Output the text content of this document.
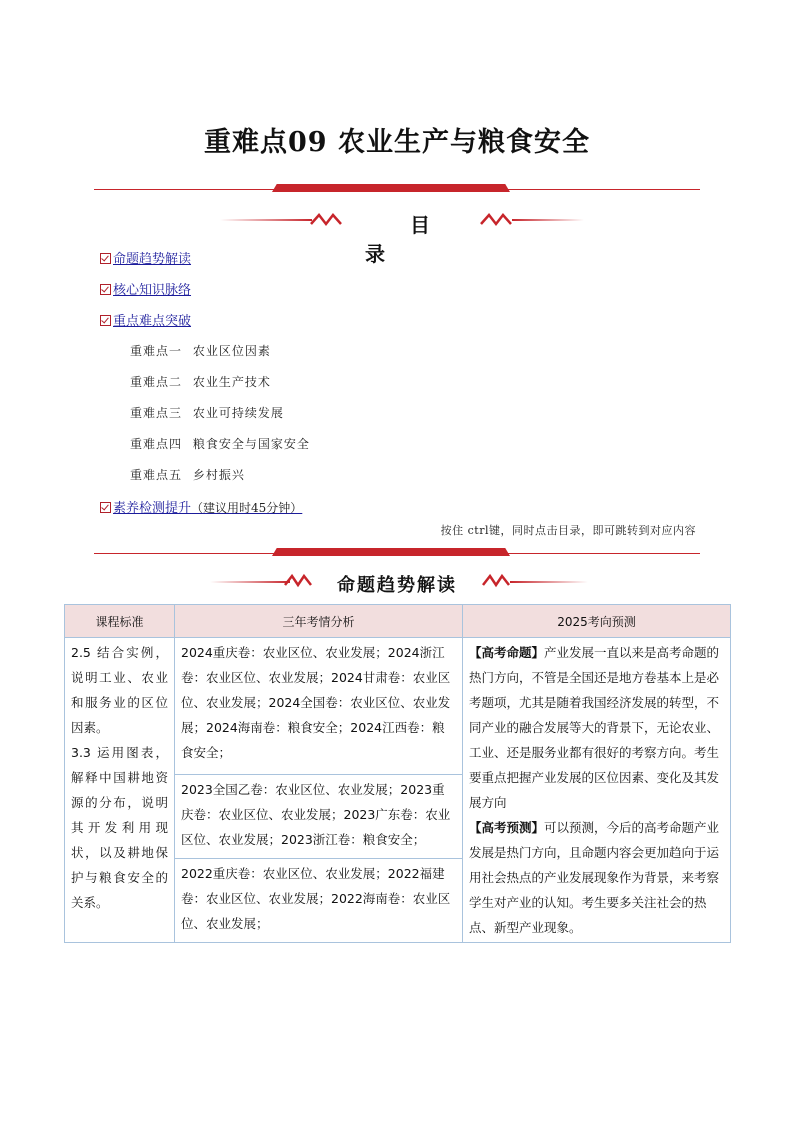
重难点09 农业生产与粮食安全
目录
命题趋势解读
核心知识脉络
重点难点突破
重难点一 农业区位因素
重难点二 农业生产技术
重难点三 农业可持续发展
重难点四 粮食安全与国家安全
重难点五 乡村振兴
素养检测提升（建议用时45分钟）
按住 ctrl键，同时点击目录，即可跳转到对应内容
命题趋势解读
课程标准	三年考情分析	2025考向预测
2.5 结合实例，说明工业、农业和服务业的区位因素。
3.3 运用图表，解释中国耕地资源的分布，说明其开发利用现状，以及耕地保护与粮食安全的关系。	2024重庆卷：农业区位、农业发展；2024浙江卷：农业区位、农业发展；2024甘肃卷：农业区位、农业发展；2024全国卷：农业区位、农业发展；2024海南卷：粮食安全；2024江西卷：粮食安全；	【高考命题】产业发展一直以来是高考命题的热门方向，不管是全国还是地方卷基本上是必考题项，尤其是随着我国经济发展的转型，不同产业的融合发展等大的背景下，无论农业、工业、还是服务业都有很好的考察方向。考生要重点把握产业发展的区位因素、变化及其发展方向
【高考预测】可以预测，今后的高考命题产业发展是热门方向，且命题内容会更加趋向于运用社会热点的产业发展现象作为背景，来考察学生对产业的认知。考生要多关注社会的热点、新型产业现象。
	2023全国乙卷：农业区位、农业发展；2023重庆卷：农业区位、农业发展；2023广东卷：农业区位、农业发展；2023浙江卷：粮食安全；	
	2022重庆卷：农业区位、农业发展；2022福建卷：农业区位、农业发展；2022海南卷：农业区位、农业发展；	
